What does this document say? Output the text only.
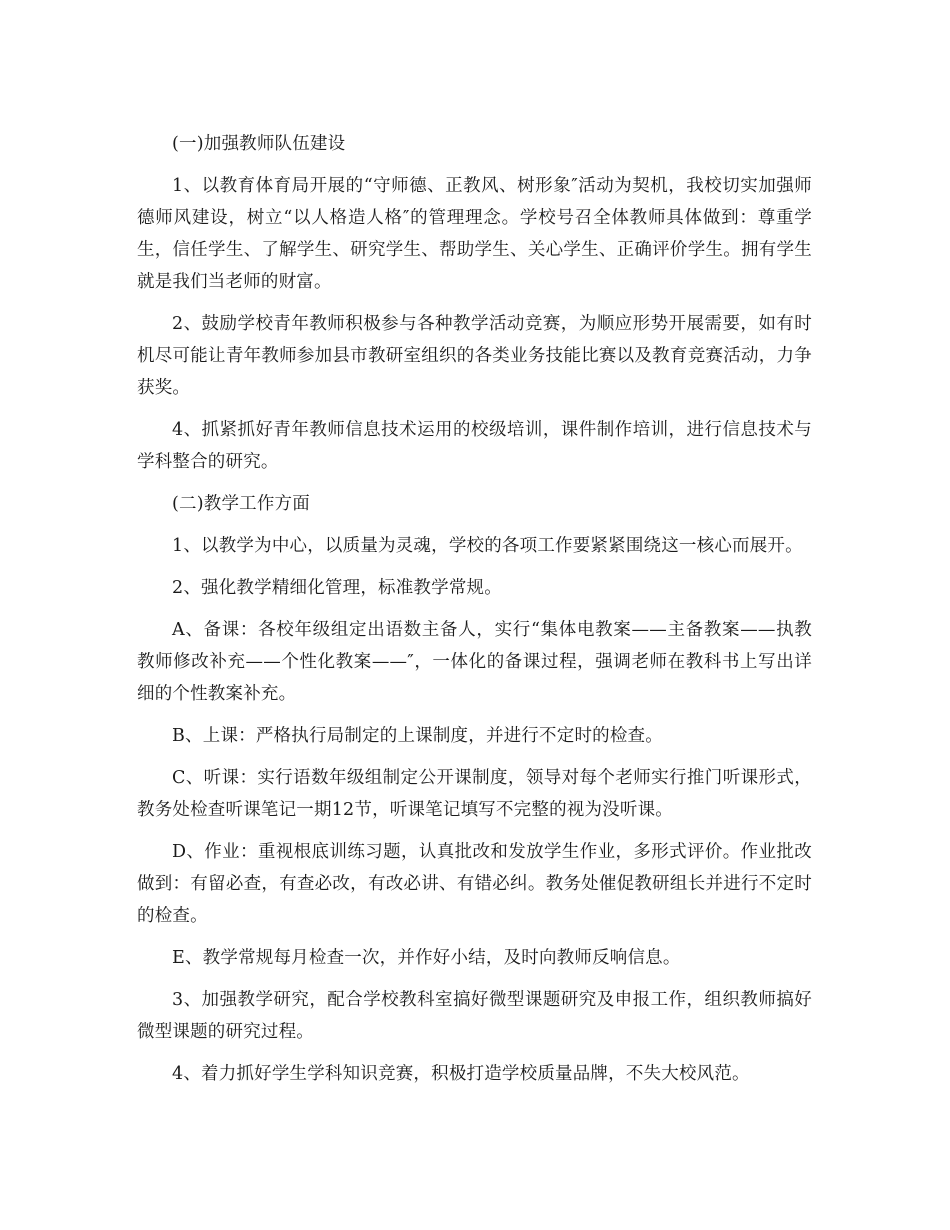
(一)加强教师队伍建设

1、以教育体育局开展的“守师德、正教风、树形象″活动为契机，我校切实加强师德师风建设，树立“以人格造人格″的管理理念。学校号召全体教师具体做到：尊重学生，信任学生、了解学生、研究学生、帮助学生、关心学生、正确评价学生。拥有学生就是我们当老师的财富。

2、鼓励学校青年教师积极参与各种教学活动竞赛，为顺应形势开展需要，如有时机尽可能让青年教师参加县市教研室组织的各类业务技能比赛以及教育竞赛活动，力争获奖。

4、抓紧抓好青年教师信息技术运用的校级培训，课件制作培训，进行信息技术与学科整合的研究。

(二)教学工作方面

1、以教学为中心，以质量为灵魂，学校的各项工作要紧紧围绕这一核心而展开。

2、强化教学精细化管理，标准教学常规。

A、备课：各校年级组定出语数主备人，实行“集体电教案——主备教案——执教教师修改补充——个性化教案——″，一体化的备课过程，强调老师在教科书上写出详细的个性教案补充。

B、上课：严格执行局制定的上课制度，并进行不定时的检查。

C、听课：实行语数年级组制定公开课制度，领导对每个老师实行推门听课形式，教务处检查听课笔记一期12节，听课笔记填写不完整的视为没听课。

D、作业：重视根底训练习题，认真批改和发放学生作业，多形式评价。作业批改做到：有留必查，有查必改，有改必讲、有错必纠。教务处催促教研组长并进行不定时的检查。

E、教学常规每月检查一次，并作好小结，及时向教师反响信息。

3、加强教学研究，配合学校教科室搞好微型课题研究及申报工作，组织教师搞好微型课题的研究过程。

4、着力抓好学生学科知识竞赛，积极打造学校质量品牌，不失大校风范。
